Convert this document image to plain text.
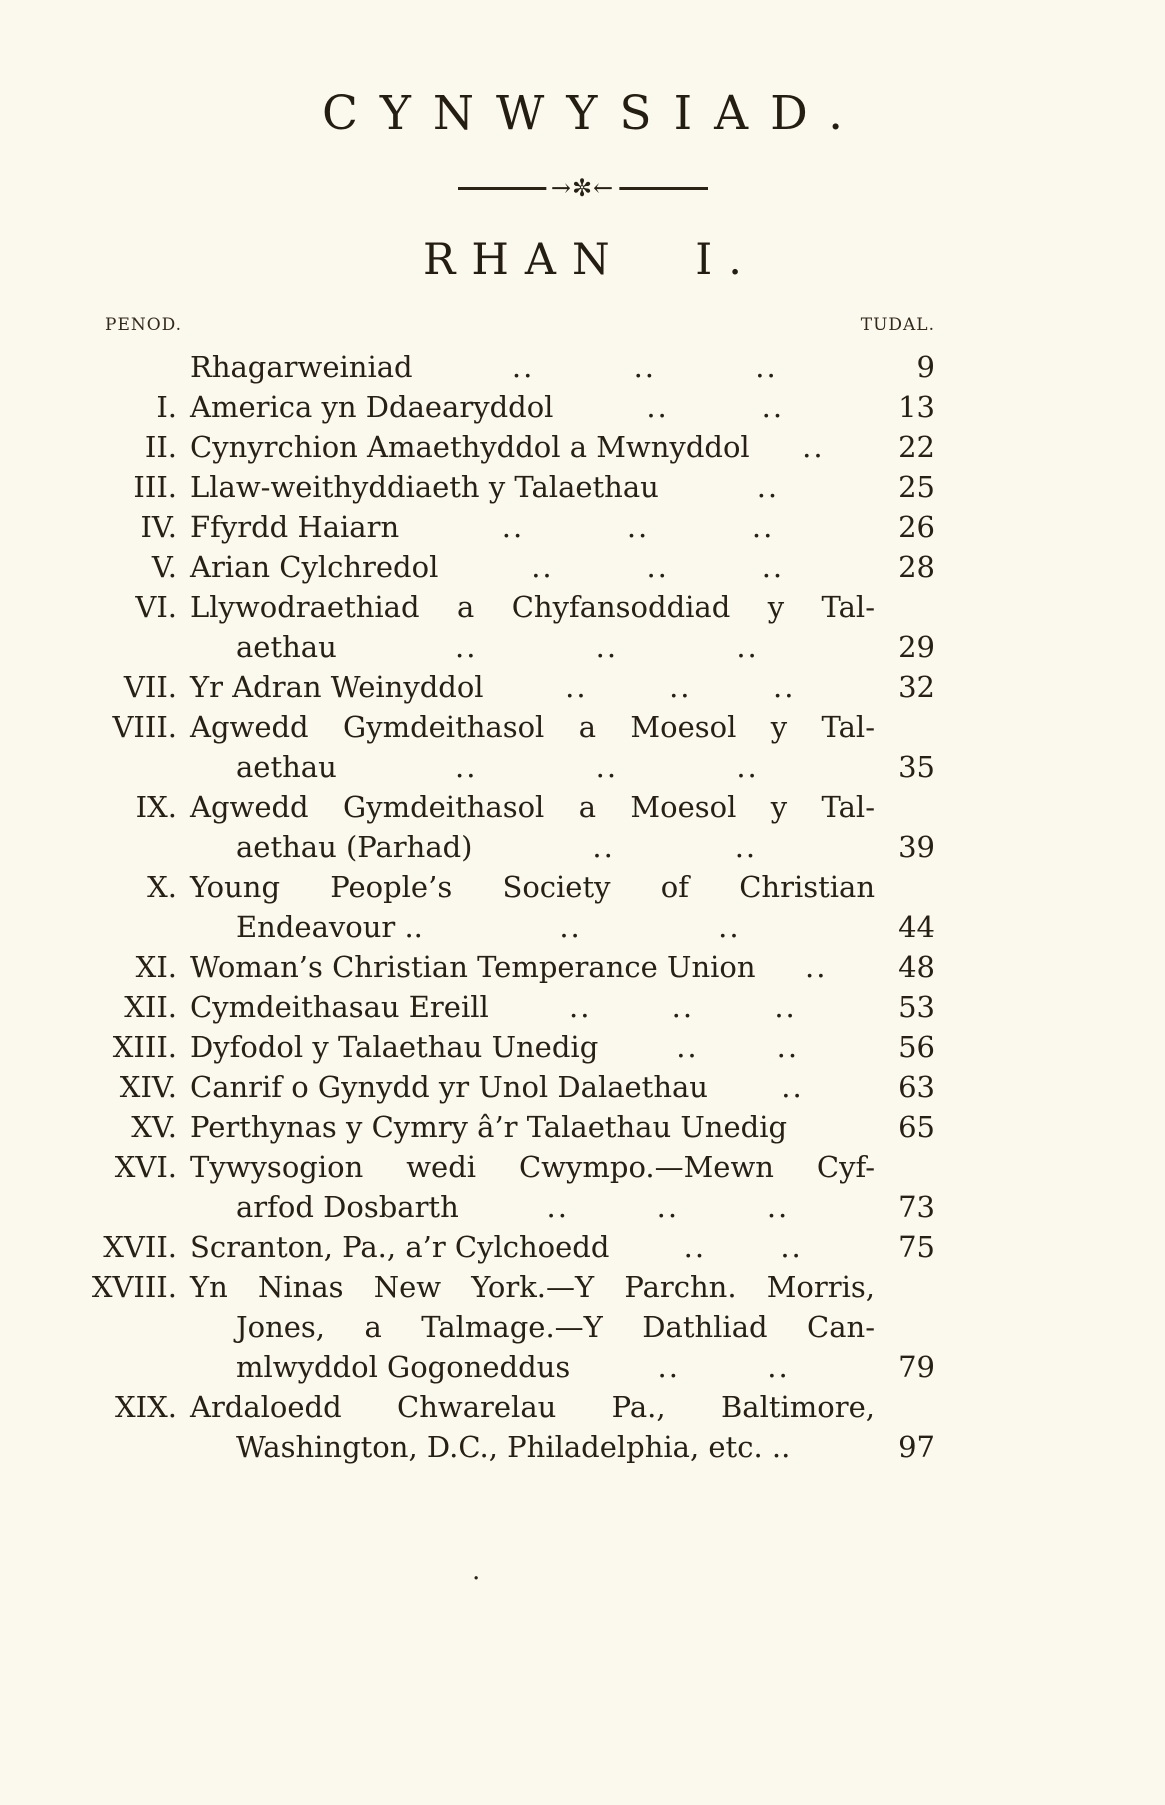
CYNWYSIAD.
→✼←
RHAN I.
PENOD.	TUDAL.
Rhagarweiniad	..	..	..	9
I. America yn Ddaearyddol	..	..	13
II. Cynyrchion Amaethyddol a Mwnyddol ..	22
III. Llaw-weithyddiaeth y Talaethau	..	25
IV. Ffyrdd Haiarn	..	..	..	26
V. Arian Cylchredol	..	..	..	28
VI. Llywodraethiad a Chyfansoddiad y Tal-
aethau	..	..	..	29
VII. Yr Adran Weinyddol	..	..	..	32
VIII. Agwedd Gymdeithasol a Moesol y Tal-
aethau	..	..	..	35
IX. Agwedd Gymdeithasol a Moesol y Tal-
aethau (Parhad)	..	..	39
X. Young People’s Society of Christian
Endeavour ..	..	..	44
XI. Woman’s Christian Temperance Union ..	48
XII. Cymdeithasau Ereill	..	..	..	53
XIII. Dyfodol y Talaethau Unedig	..	..	56
XIV. Canrif o Gynydd yr Unol Dalaethau	..	63
XV. Perthynas y Cymry â’r Talaethau Unedig	65
XVI. Tywysogion wedi Cwympo.—Mewn Cyf-
arfod Dosbarth	..	..	..	73
XVII. Scranton, Pa., a’r Cylchoedd	..	..	75
XVIII. Yn Ninas New York.—Y Parchn. Morris,
Jones, a Talmage.—Y Dathliad Can-
mlwyddol Gogoneddus	..	..	79
XIX. Ardaloedd Chwarelau Pa., Baltimore,
Washington, D.C., Philadelphia, etc. ..	97
.
